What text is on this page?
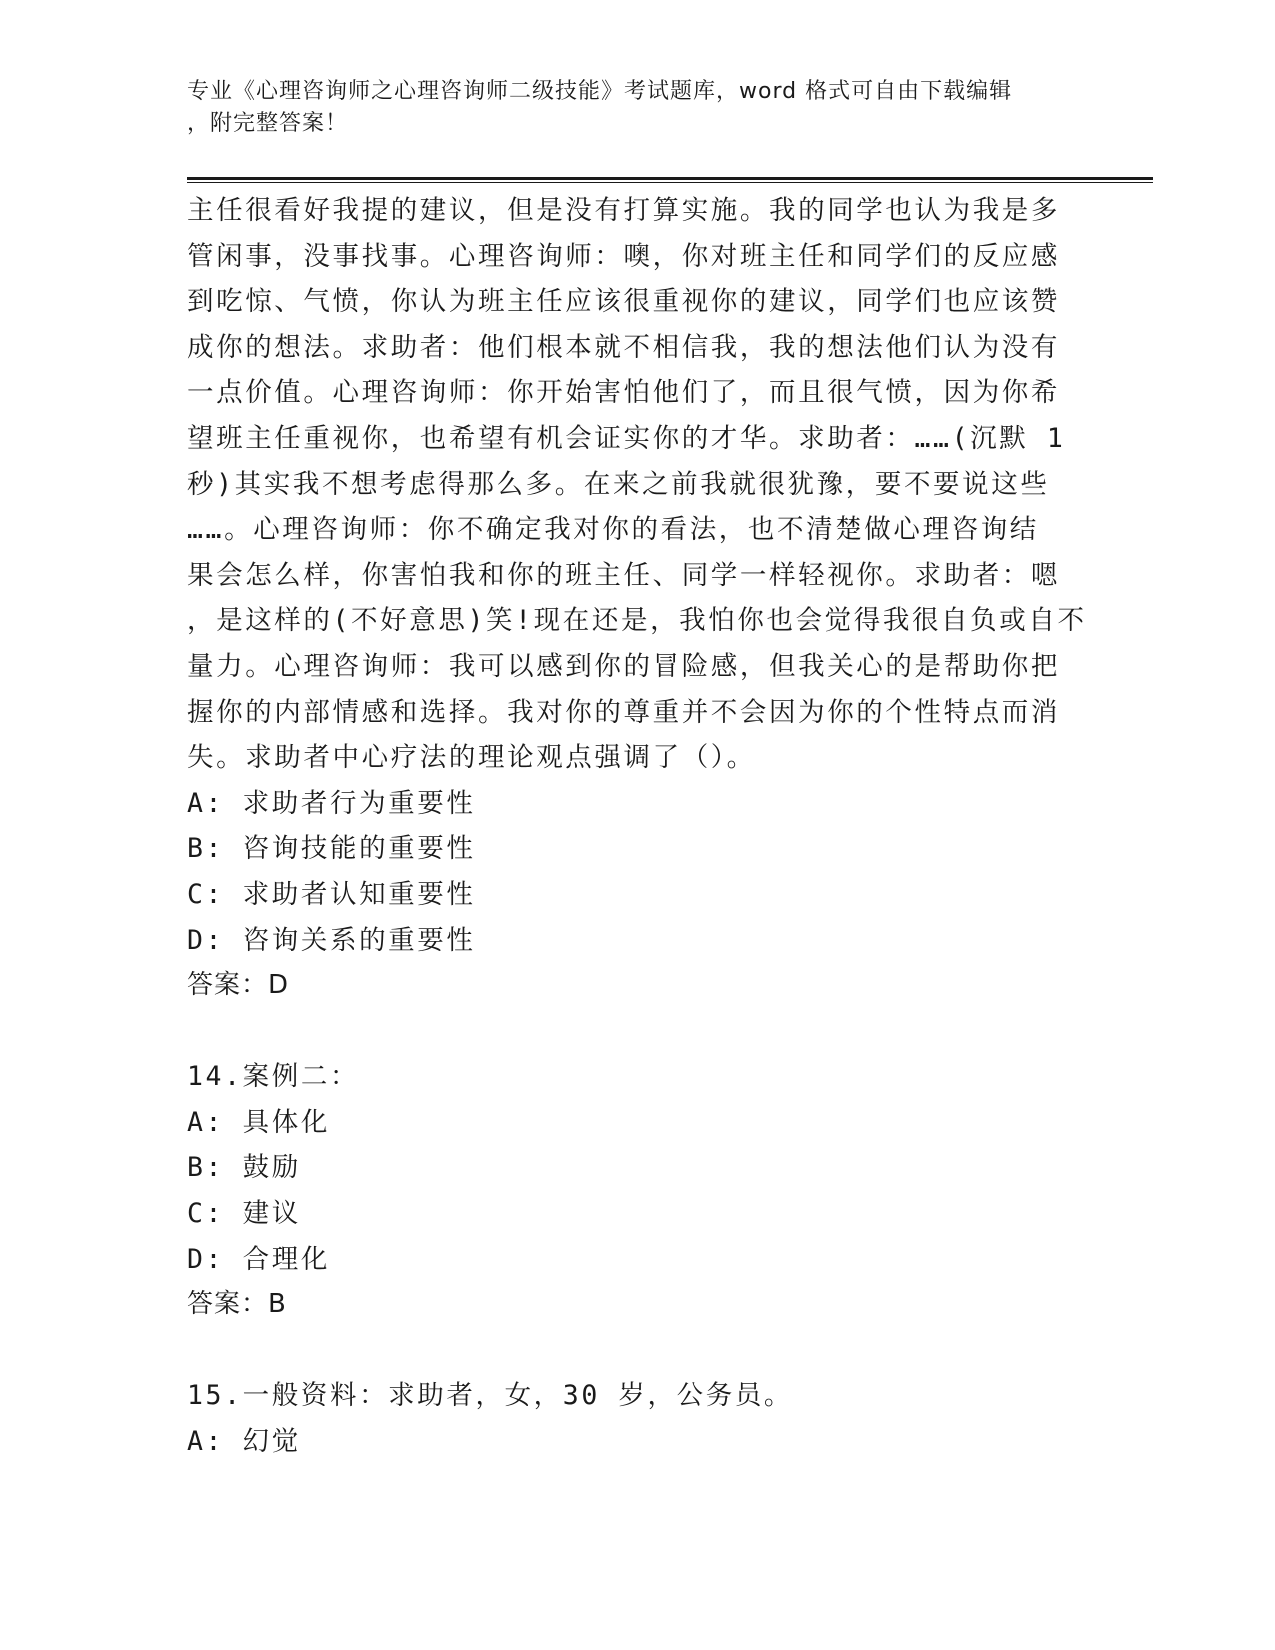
专业《心理咨询师之心理咨询师二级技能》考试题库，word 格式可自由下载编辑
，附完整答案！
主任很看好我提的建议，但是没有打算实施。我的同学也认为我是多
管闲事，没事找事。心理咨询师：噢，你对班主任和同学们的反应感
到吃惊、气愤，你认为班主任应该很重视你的建议，同学们也应该赞
成你的想法。求助者：他们根本就不相信我，我的想法他们认为没有
一点价值。心理咨询师：你开始害怕他们了，而且很气愤，因为你希
望班主任重视你，也希望有机会证实你的才华。求助者：……(沉默 1
秒)其实我不想考虑得那么多。在来之前我就很犹豫，要不要说这些
……。心理咨询师：你不确定我对你的看法，也不清楚做心理咨询结
果会怎么样，你害怕我和你的班主任、同学一样轻视你。求助者：嗯
，是这样的(不好意思)笑!现在还是，我怕你也会觉得我很自负或自不
量力。心理咨询师：我可以感到你的冒险感，但我关心的是帮助你把
握你的内部情感和选择。我对你的尊重并不会因为你的个性特点而消
失。求助者中心疗法的理论观点强调了（）。
A: 求助者行为重要性
B: 咨询技能的重要性
C: 求助者认知重要性
D: 咨询关系的重要性
答案：D
14.案例二：
A: 具体化
B: 鼓励
C: 建议
D: 合理化
答案：B
15.一般资料：求助者，女，30 岁，公务员。
A: 幻觉
